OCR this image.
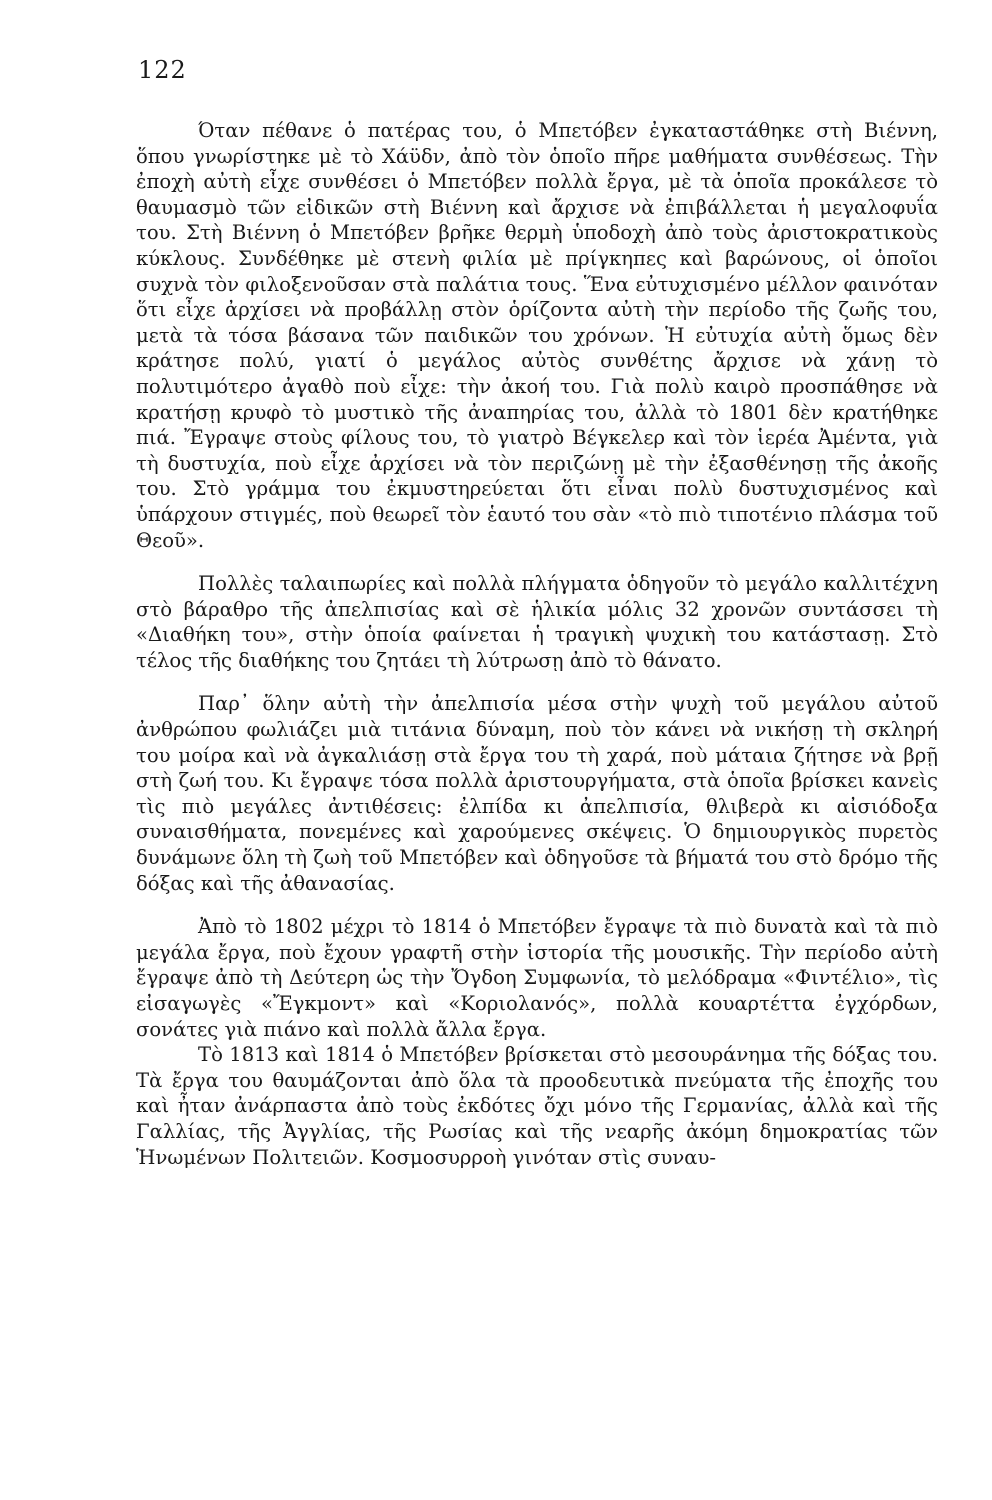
122

Όταν πέθανε ὁ πατέρας του, ὁ Μπετόβεν ἐγκαταστάθηκε στὴ Βιέννη, ὅπου γνωρίστηκε μὲ τὸ Χάϋδν, ἀπὸ τὸν ὁποῖο πῆρε μαθήματα συνθέσεως. Τὴν ἐποχὴ αὐτὴ εἶχε συνθέσει ὁ Μπετόβεν πολλὰ ἔργα, μὲ τὰ ὁποῖα προκάλεσε τὸ θαυμασμὸ τῶν εἰδικῶν στὴ Βιέννη καὶ ἄρχισε νὰ ἐπιβάλλεται ἡ μεγαλοφυΐα του. Στὴ Βιέννη ὁ Μπετόβεν βρῆκε θερμὴ ὑποδοχὴ ἀπὸ τοὺς ἀριστοκρατικοὺς κύκλους. Συνδέθηκε μὲ στενὴ φιλία μὲ πρίγκηπες καὶ βαρώνους, οἱ ὁποῖοι συχνὰ τὸν φιλοξενοῦσαν στὰ παλάτια τους. Ἕνα εὐτυχισμένο μέλλον φαινόταν ὅτι εἶχε ἀρχίσει νὰ προβάλλῃ στὸν ὁρίζοντα αὐτὴ τὴν περίοδο τῆς ζωῆς του, μετὰ τὰ τόσα βάσανα τῶν παιδικῶν του χρόνων. Ἡ εὐτυχία αὐτὴ ὅμως δὲν κράτησε πολύ, γιατί ὁ μεγάλος αὐτὸς συνθέτης ἄρχισε νὰ χάνῃ τὸ πολυτιμότερο ἀγαθὸ ποὺ εἶχε: τὴν ἀκοή του. Γιὰ πολὺ καιρὸ προσπάθησε νὰ κρατήσῃ κρυφὸ τὸ μυστικὸ τῆς ἀναπηρίας του, ἀλλὰ τὸ 1801 δὲν κρατήθηκε πιά. Ἔγραψε στοὺς φίλους του, τὸ γιατρὸ Βέγκελερ καὶ τὸν ἱερέα Ἀμέντα, γιὰ τὴ δυστυχία, ποὺ εἶχε ἀρχίσει νὰ τὸν περιζώνῃ μὲ τὴν ἐξασθένησῃ τῆς ἀκοῆς του. Στὸ γράμμα του ἐκμυστηρεύεται ὅτι εἶναι πολὺ δυστυχισμένος καὶ ὑπάρχουν στιγμές, ποὺ θεωρεῖ τὸν ἑαυτό του σὰν «τὸ πιὸ τιποτένιο πλάσμα τοῦ Θεοῦ».

Πολλὲς ταλαιπωρίες καὶ πολλὰ πλήγματα ὁδηγοῦν τὸ μεγάλο καλλιτέχνη στὸ βάραθρο τῆς ἀπελπισίας καὶ σὲ ἡλικία μόλις 32 χρονῶν συντάσσει τὴ «Διαθήκη του», στὴν ὁποία φαίνεται ἡ τραγικὴ ψυχικὴ του κατάστασῃ. Στὸ τέλος τῆς διαθήκης του ζητάει τὴ λύτρωσῃ ἀπὸ τὸ θάνατο.

Παρ᾿ ὅλην αὐτὴ τὴν ἀπελπισία μέσα στὴν ψυχὴ τοῦ μεγάλου αὐτοῦ ἀνθρώπου φωλιάζει μιὰ τιτάνια δύναμη, ποὺ τὸν κάνει νὰ νικήσῃ τὴ σκληρή του μοίρα καὶ νὰ ἀγκαλιάσῃ στὰ ἔργα του τὴ χαρά, ποὺ μάταια ζήτησε νὰ βρῇ στὴ ζωή του. Κι ἔγραψε τόσα πολλὰ ἀριστουργήματα, στὰ ὁποῖα βρίσκει κανεὶς τὶς πιὸ μεγάλες ἀντιθέσεις: ἐλπίδα κι ἀπελπισία, θλιβερὰ κι αἰσιόδοξα συναισθήματα, πονεμένες καὶ χαρούμενες σκέψεις. Ὁ δημιουργικὸς πυρετὸς δυνάμωνε ὅλη τὴ ζωὴ τοῦ Μπετόβεν καὶ ὁδηγοῦσε τὰ βήματά του στὸ δρόμο τῆς δόξας καὶ τῆς ἀθανασίας.

Ἀπὸ τὸ 1802 μέχρι τὸ 1814 ὁ Μπετόβεν ἔγραψε τὰ πιὸ δυνατὰ καὶ τὰ πιὸ μεγάλα ἔργα, ποὺ ἔχουν γραφτῆ στὴν ἱστορία τῆς μουσικῆς. Τὴν περίοδο αὐτὴ ἔγραψε ἀπὸ τὴ Δεύτερη ὡς τὴν Ὄγδοη Συμφωνία, τὸ μελόδραμα «Φιντέλιο», τὶς εἰσαγωγὲς «Ἔγκμοντ» καὶ «Κοριολανός», πολλὰ κουαρτέττα ἐγχόρδων, σονάτες γιὰ πιάνο καὶ πολλὰ ἄλλα ἔργα.

Τὸ 1813 καὶ 1814 ὁ Μπετόβεν βρίσκεται στὸ μεσουράνημα τῆς δόξας του. Τὰ ἔργα του θαυμάζονται ἀπὸ ὅλα τὰ προοδευτικὰ πνεύματα τῆς ἐποχῆς του καὶ ἦταν ἀνάρπαστα ἀπὸ τοὺς ἐκδότες ὄχι μόνο τῆς Γερμανίας, ἀλλὰ καὶ τῆς Γαλλίας, τῆς Ἀγγλίας, τῆς Ρωσίας καὶ τῆς νεαρῆς ἀκόμη δημοκρατίας τῶν Ἡνωμένων Πολιτειῶν. Κοσμοσυρροὴ γινόταν στὶς συναυ-
